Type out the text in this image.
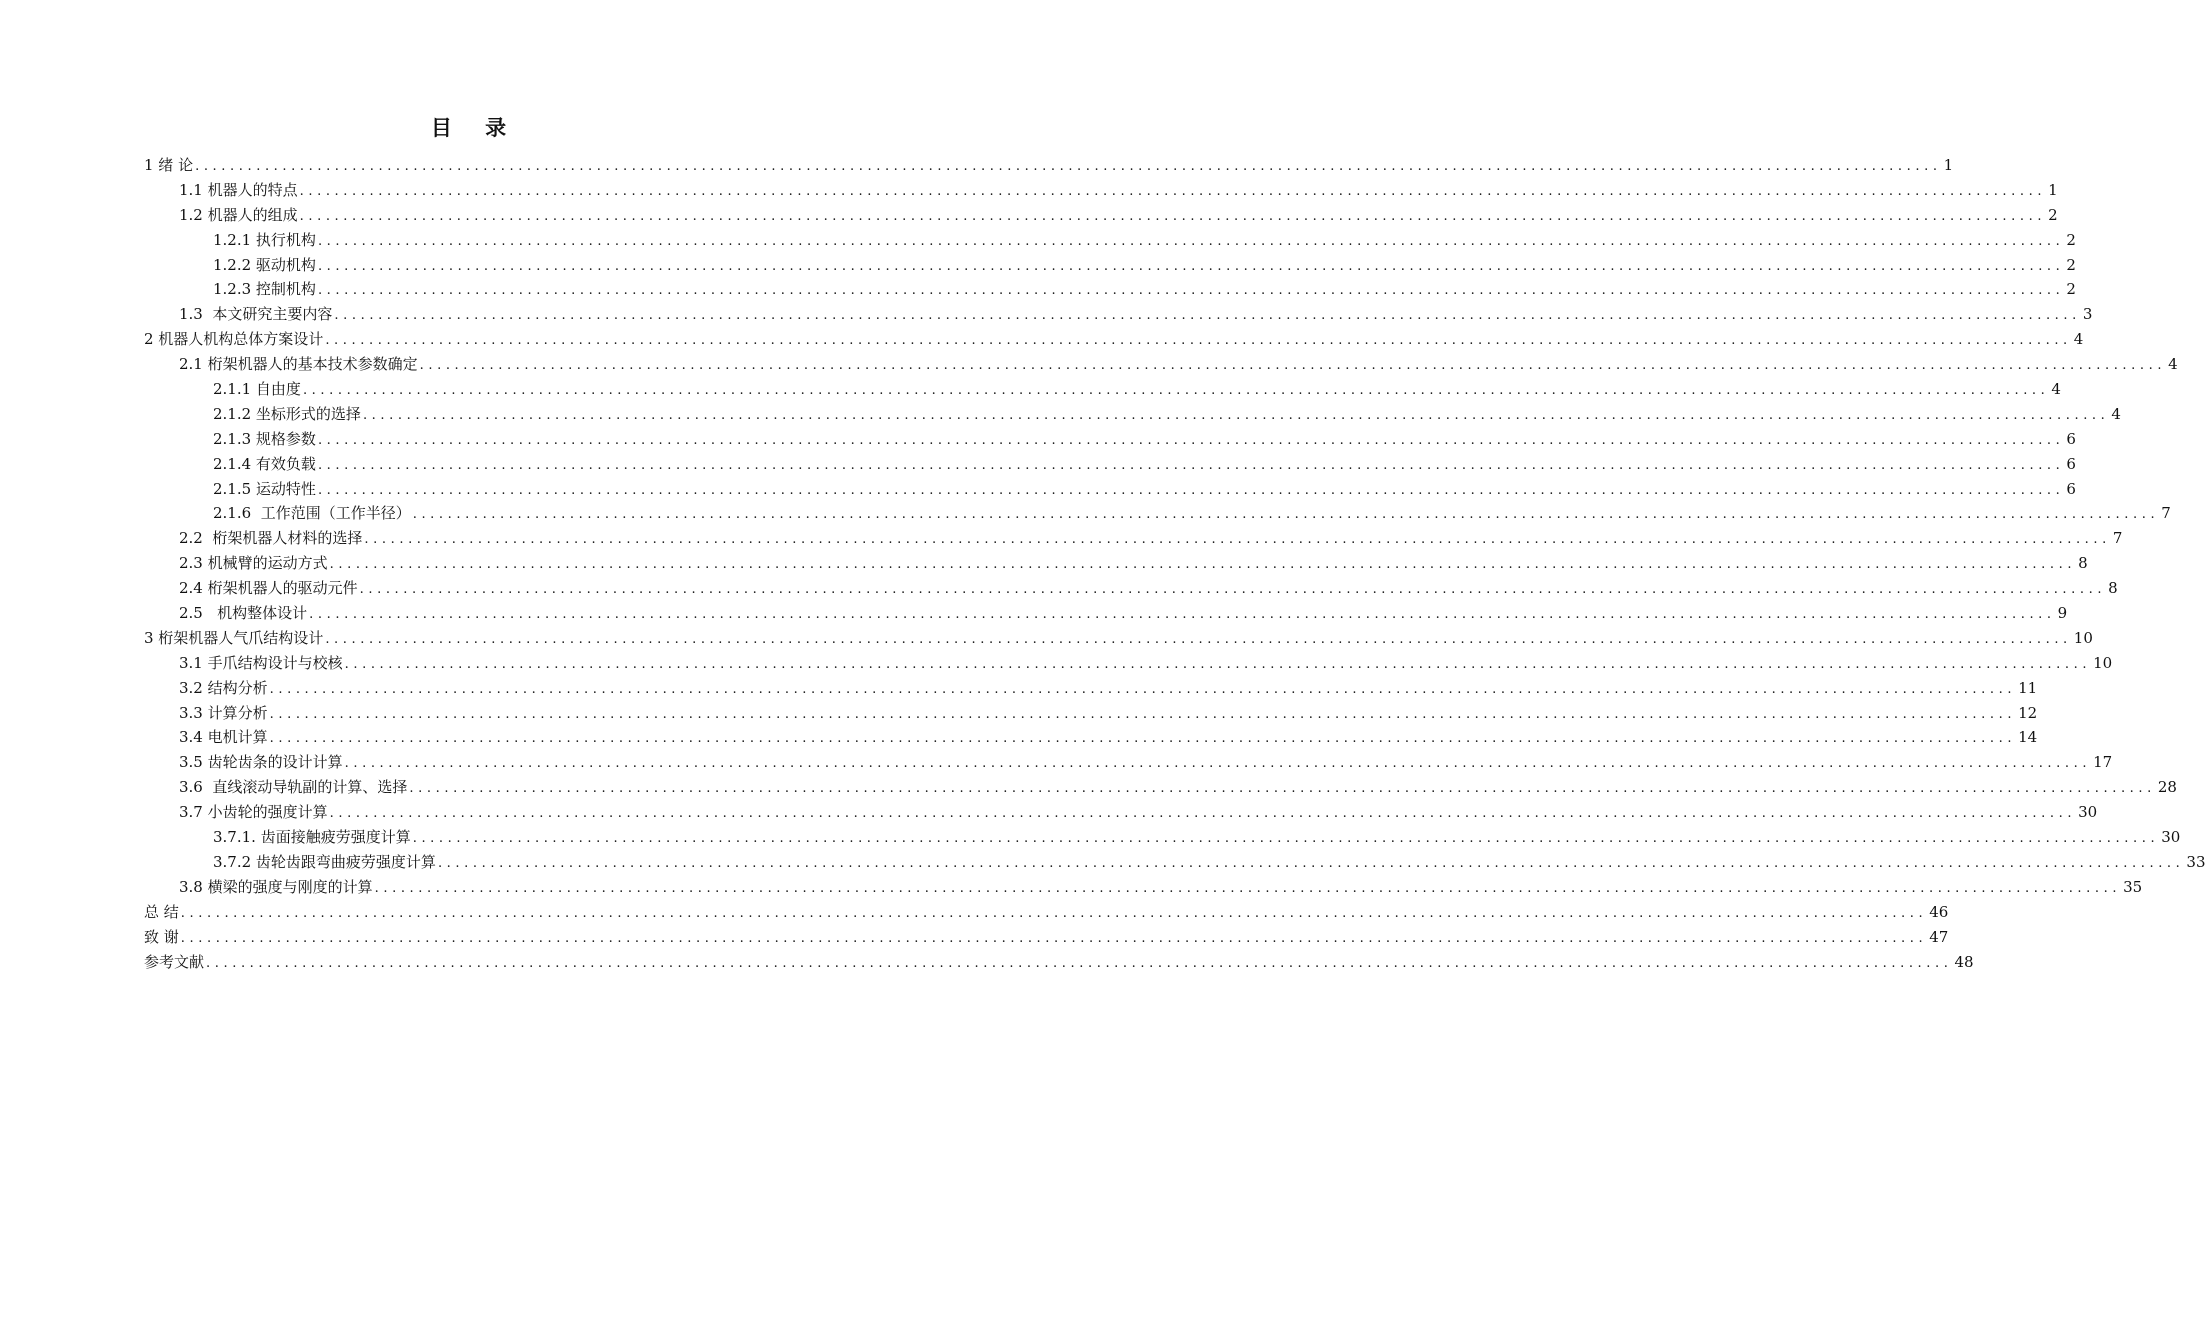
目 录
1 绪 论 ........................................................................................................................................................................................................ 1
1.1 机器人的特点 ........................................................................................................................................................................................................ 1
1.2 机器人的组成 ........................................................................................................................................................................................................ 2
1.2.1 执行机构 ........................................................................................................................................................................................................ 2
1.2.2 驱动机构 ........................................................................................................................................................................................................ 2
1.2.3 控制机构 ........................................................................................................................................................................................................ 2
1.3  本文研究主要内容 ........................................................................................................................................................................................................ 3
2 机器人机构总体方案设计 ........................................................................................................................................................................................................ 4
2.1 桁架机器人的基本技术参数确定 ........................................................................................................................................................................................................ 4
2.1.1 自由度 ........................................................................................................................................................................................................ 4
2.1.2 坐标形式的选择 ........................................................................................................................................................................................................ 4
2.1.3 规格参数 ........................................................................................................................................................................................................ 6
2.1.4 有效负载 ........................................................................................................................................................................................................ 6
2.1.5 运动特性 ........................................................................................................................................................................................................ 6
2.1.6  工作范围（工作半径） ........................................................................................................................................................................................................ 7
2.2  桁架机器人材料的选择 ........................................................................................................................................................................................................ 7
2.3 机械臂的运动方式 ........................................................................................................................................................................................................ 8
2.4 桁架机器人的驱动元件 ........................................................................................................................................................................................................ 8
2.5   机构整体设计 ........................................................................................................................................................................................................ 9
3 桁架机器人气爪结构设计 ........................................................................................................................................................................................................ 10
3.1 手爪结构设计与校核 ........................................................................................................................................................................................................ 10
3.2 结构分析 ........................................................................................................................................................................................................ 11
3.3 计算分析 ........................................................................................................................................................................................................ 12
3.4 电机计算 ........................................................................................................................................................................................................ 14
3.5 齿轮齿条的设计计算 ........................................................................................................................................................................................................ 17
3.6  直线滚动导轨副的计算、选择 ........................................................................................................................................................................................................ 28
3.7 小齿轮的强度计算 ........................................................................................................................................................................................................ 30
3.7.1. 齿面接触疲劳强度计算 ........................................................................................................................................................................................................ 30
3.7.2 齿轮齿跟弯曲疲劳强度计算 ........................................................................................................................................................................................................ 33
3.8 横梁的强度与刚度的计算 ........................................................................................................................................................................................................ 35
总 结 ........................................................................................................................................................................................................ 46
致 谢 ........................................................................................................................................................................................................ 47
参考文献 ........................................................................................................................................................................................................ 48
